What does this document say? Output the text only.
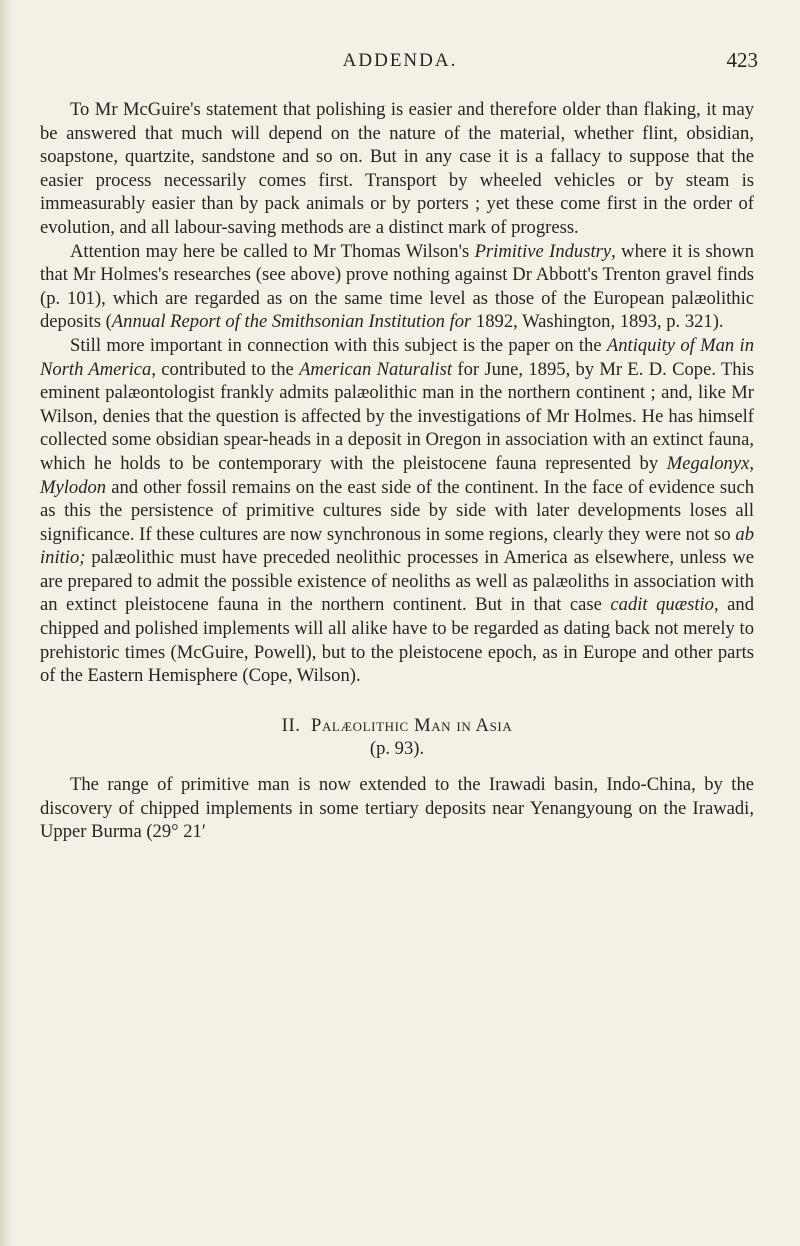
ADDENDA.	423

To Mr McGuire's statement that polishing is easier and therefore older than flaking, it may be answered that much will depend on the nature of the material, whether flint, obsidian, soapstone, quartzite, sandstone and so on. But in any case it is a fallacy to suppose that the easier process necessarily comes first. Transport by wheeled vehicles or by steam is immeasurably easier than by pack animals or by porters ; yet these come first in the order of evolution, and all labour-saving methods are a distinct mark of progress.

Attention may here be called to Mr Thomas Wilson's Primitive Industry, where it is shown that Mr Holmes's researches (see above) prove nothing against Dr Abbott's Trenton gravel finds (p. 101), which are regarded as on the same time level as those of the European palæolithic deposits (Annual Report of the Smithsonian Institution for 1892, Washington, 1893, p. 321).

Still more important in connection with this subject is the paper on the Antiquity of Man in North America, contributed to the American Naturalist for June, 1895, by Mr E. D. Cope. This eminent palæontologist frankly admits palæolithic man in the northern continent ; and, like Mr Wilson, denies that the question is affected by the investigations of Mr Holmes. He has himself collected some obsidian spear-heads in a deposit in Oregon in association with an extinct fauna, which he holds to be contemporary with the pleistocene fauna represented by Megalonyx, Mylodon and other fossil remains on the east side of the continent. In the face of evidence such as this the persistence of primitive cultures side by side with later developments loses all significance. If these cultures are now synchronous in some regions, clearly they were not so ab initio; palæolithic must have preceded neolithic processes in America as elsewhere, unless we are prepared to admit the possible existence of neoliths as well as palæoliths in association with an extinct pleistocene fauna in the northern continent. But in that case cadit quæstio, and chipped and polished implements will all alike have to be regarded as dating back not merely to prehistoric times (McGuire, Powell), but to the pleistocene epoch, as in Europe and other parts of the Eastern Hemisphere (Cope, Wilson).

II. Palæolithic Man in Asia
(p. 93).

The range of primitive man is now extended to the Irawadi basin, Indo-China, by the discovery of chipped implements in some tertiary deposits near Yenangyoung on the Irawadi, Upper Burma (29° 21′
